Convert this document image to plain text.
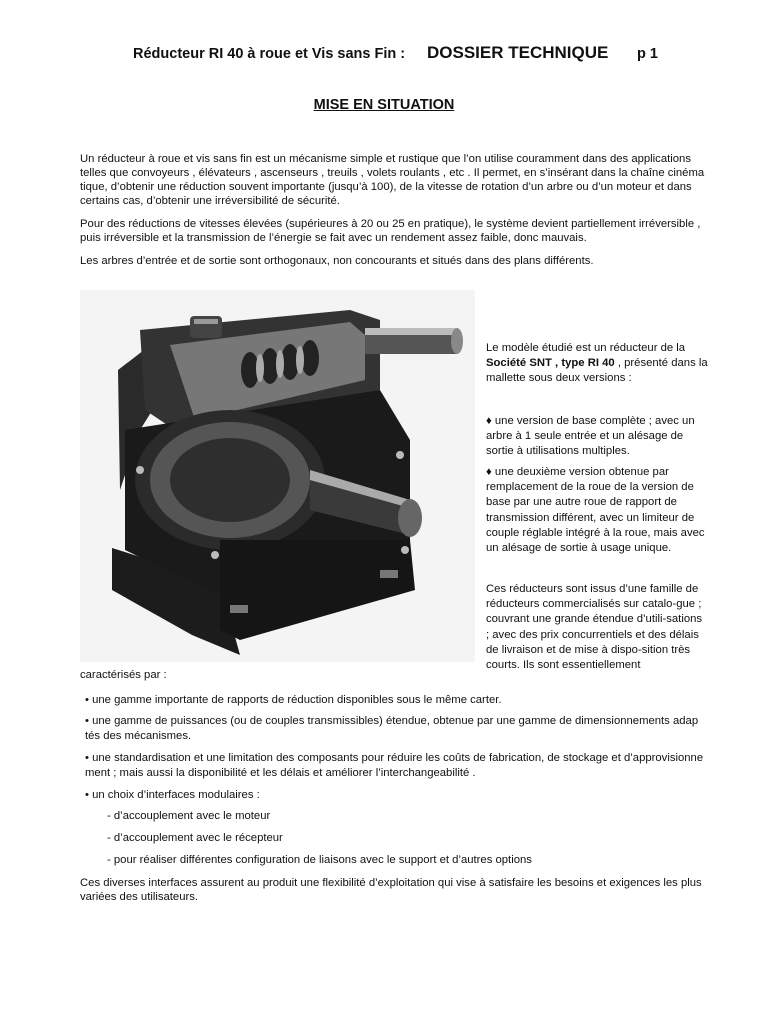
Réducteur RI 40 à roue et Vis sans Fin : DOSSIER TECHNIQUE p 1
MISE EN SITUATION
Un réducteur à roue et vis sans fin est un mécanisme simple et rustique que l’on utilise couramment dans des applications telles que convoyeurs , élévateurs , ascenseurs , treuils , volets roulants , etc . Il permet, en s’insérant dans la chaîne cinéma tique, d’obtenir une réduction souvent importante (jusqu’à 100), de la vitesse de rotation d’un arbre ou d’un moteur et dans certains cas, d’obtenir une irréversibilité de sécurité.
Pour des réductions de vitesses élevées (supérieures à 20 ou 25 en pratique), le système devient partiellement irréversible , puis irréversible et la transmission de l’énergie se fait avec un rendement assez faible, donc mauvais.
Les arbres d’entrée et de sortie sont orthogonaux, non concourants et situés dans des plans différents.
Le modèle étudié est un réducteur de la Société SNT , type RI 40 , présenté dans la mallette sous deux versions :
♦ une version de base complète ; avec un arbre à 1 seule entrée et un alésage de sortie à utilisations multiples.
♦ une deuxième version obtenue par remplacement de la roue de la version de base par une autre roue de rapport de transmission différent, avec un limiteur de couple réglable intégré à la roue, mais avec un alésage de sortie à usage unique.
Ces réducteurs sont issus d’une famille de réducteurs commercialisés sur catalo-gue ; couvrant une grande étendue d’utili-sations ; avec des prix concurrentiels et des délais de livraison et de mise à dispo-sition très courts. Ils sont essentiellement
caractérisés par :
• une gamme importante de rapports de réduction disponibles sous le même carter.
• une gamme de puissances (ou de couples transmissibles) étendue, obtenue par une gamme de dimensionnements adap tés des mécanismes.
• une standardisation et une limitation des composants pour réduire les coûts de fabrication, de stockage et d’approvisionne ment ; mais aussi la disponibilité et les délais et améliorer l’interchangeabilité .
• un choix d’interfaces modulaires :
- d’accouplement avec le moteur
- d’accouplement avec le récepteur
- pour réaliser différentes configuration de liaisons avec le support et d’autres options
Ces diverses interfaces assurent au produit une flexibilité d’exploitation qui vise à satisfaire les besoins et exigences les plus variées des utilisateurs.
